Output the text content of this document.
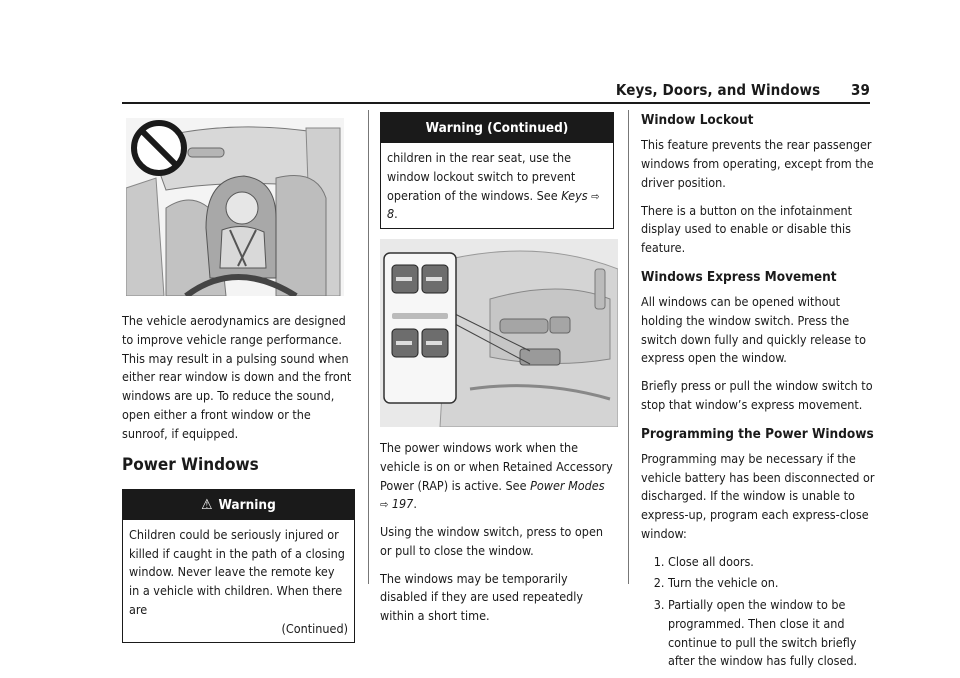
Keys, Doors, and Windows 39

The vehicle aerodynamics are designed to improve vehicle range performance. This may result in a pulsing sound when either rear window is down and the front windows are up. To reduce the sound, open either a front window or the sunroof, if equipped.

Power Windows
⚠ Warning
Children could be seriously injured or killed if caught in the path of a closing window. Never leave the remote key in a vehicle with children. When there are
(Continued)
Warning (Continued)
children in the rear seat, use the window lockout switch to prevent operation of the windows. See Keys ⇨ 8.

The power windows work when the vehicle is on or when Retained Accessory Power (RAP) is active. See Power Modes ⇨ 197.

Using the window switch, press to open or pull to close the window.

The windows may be temporarily disabled if they are used repeatedly within a short time.

Window Lockout

This feature prevents the rear passenger windows from operating, except from the driver position.

There is a button on the infotainment display used to enable or disable this feature.

Windows Express Movement

All windows can be opened without holding the window switch. Press the switch down fully and quickly release to express open the window.

Briefly press or pull the window switch to stop that window’s express movement.

Programming the Power Windows

Programming may be necessary if the vehicle battery has been disconnected or discharged. If the window is unable to express-up, program each express-close window:

1. Close all doors.
2. Turn the vehicle on.
3. Partially open the window to be programmed. Then close it and continue to pull the switch briefly after the window has fully closed.
